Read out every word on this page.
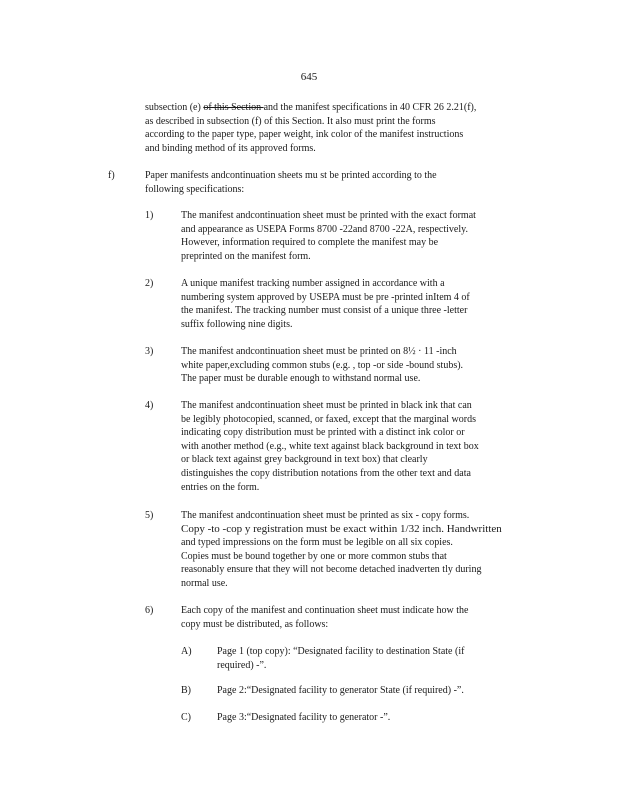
645

subsection (e) of this Section and the manifest specifications in 40 CFR 26 2.21(f),

as described in subsection (f) of this Section. It also must print the forms

according to the paper type, paper weight, ink color of the manifest instructions

and binding method of its approved forms.

f)	Paper manifests andcontinuation sheets mu st be printed according to the

following specifications:

1)	The manifest andcontinuation sheet must be printed with the exact format

and appearance as USEPA Forms 8700 -22and 8700 -22A, respectively.

However, information required to complete the manifest may be

preprinted on the manifest form.

2)	A unique manifest tracking number assigned in accordance with a

numbering system approved by USEPA must be pre -printed inItem 4 of

the manifest. The tracking number must consist of a unique three -letter

suffix following nine digits.

3)	The manifest andcontinuation sheet must be printed on 8½ · 11 -inch

white paper,excluding common stubs (e.g. , top -or side -bound stubs).

The paper must be durable enough to withstand normal use.

4)	The manifest andcontinuation sheet must be printed in black ink that can

be legibly photocopied, scanned, or faxed, except that the marginal words

indicating copy distribution must be printed with a distinct ink color or

with another method (e.g., white text against black background in text box

or black text against grey background in text box) that clearly

distinguishes the copy distribution notations from the other text and data

entries on the form.

5)	The manifest andcontinuation sheet must be printed as six - copy forms.

Copy -to -cop y registration must be exact within 1/32 inch. Handwritten

and typed impressions on the form must be legible on all six copies.

Copies must be bound together by one or more common stubs that

reasonably ensure that they will not become detached inadverten tly during

normal use.

6)	Each copy of the manifest and continuation sheet must indicate how the

copy must be distributed, as follows:

A)	Page 1 (top copy): “Designated facility to destination State (if

required) -”.

B)	Page 2:“Designated facility to generator State (if required) -”.

C)	Page 3:“Designated facility to generator -”.
